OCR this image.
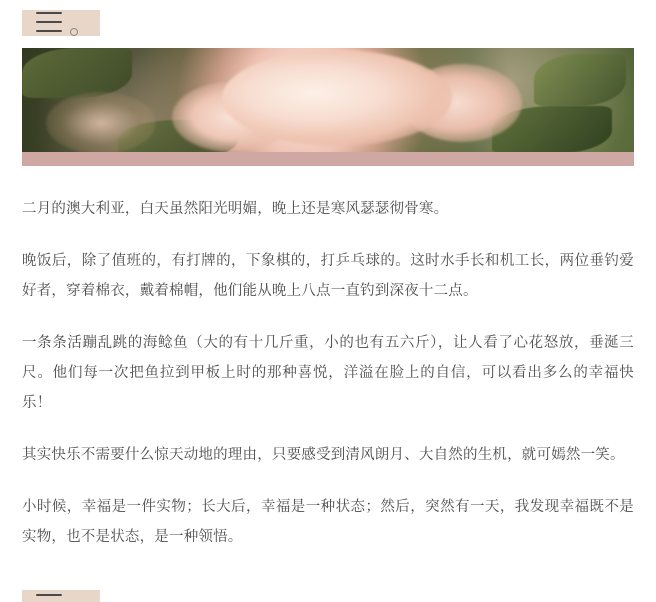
二月的澳大利亚，白天虽然阳光明媚，晚上还是寒风瑟瑟彻骨寒。

晚饭后，除了值班的，有打牌的，下象棋的，打乒乓球的。这时水手长和机工长，两位垂钓爱好者，穿着棉衣，戴着棉帽，他们能从晚上八点一直钓到深夜十二点。

一条条活蹦乱跳的海鲶鱼（大的有十几斤重，小的也有五六斤），让人看了心花怒放，垂涎三尺。他们每一次把鱼拉到甲板上时的那种喜悦，洋溢在脸上的自信，可以看出多么的幸福快乐！

其实快乐不需要什么惊天动地的理由，只要感受到清风朗月、大自然的生机，就可嫣然一笑。

小时候，幸福是一件实物；长大后，幸福是一种状态；然后，突然有一天，我发现幸福既不是实物，也不是状态，是一种领悟。
